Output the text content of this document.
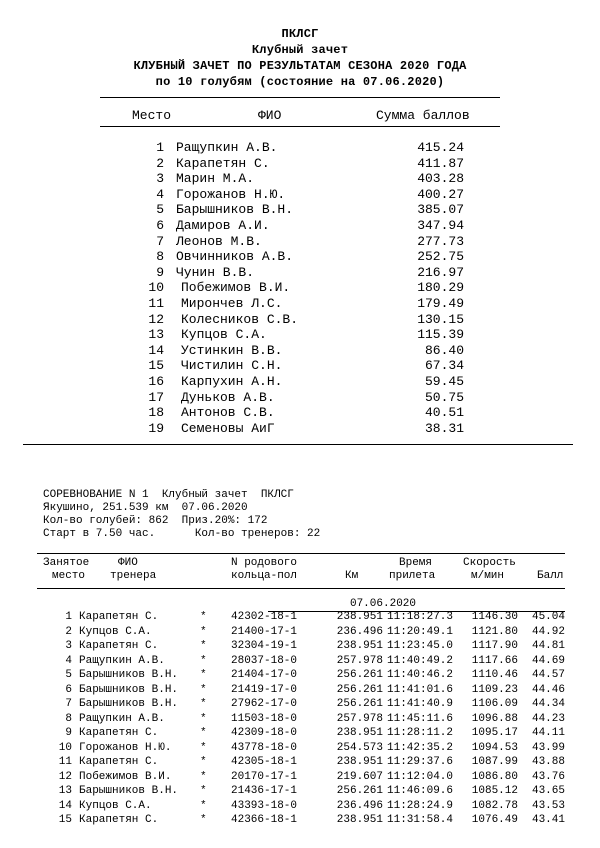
ПКЛСГ
Клубный зачет
КЛУБНЫЙ ЗАЧЕТ ПО РЕЗУЛЬТАТАМ СЕЗОНА 2020 ГОДА
по 10 голубям (состояние на 07.06.2020)
Место	ФИО	Сумма баллов
1 Ращупкин А.В.	415.24
2 Карапетян С.	411.87
3 Марин М.А.	403.28
4 Горожанов Н.Ю.	400.27
5 Барышников В.Н.	385.07
6 Дамиров А.И.	347.94
7 Леонов М.В.	277.73
8 Овчинников А.В.	252.75
9 Чунин В.В.	216.97
10 Побежимов В.И.	180.29
11 Мирончев Л.С.	179.49
12 Колесников С.В.	130.15
13 Купцов С.А.	115.39
14 Устинкин В.В.	86.40
15 Чистилин С.Н.	67.34
16 Карпухин А.Н.	59.45
17 Дуньков А.В.	50.75
18 Антонов С.В.	40.51
19 Семеновы АиГ	38.31
СОРЕВНОВАНИЕ N 1  Клубный зачет  ПКЛСГ
Якушино, 251.539 км  07.06.2020
Кол-во голубей: 862  Приз.20%: 172
Старт в 7.50 час.      Кол-во тренеров: 22
Занятое
место
ФИО
тренера
N родового
кольца-пол	Км
Время
прилета
Скорость
м/мин	Балл
07.06.2020
1 Карапетян С.	* 42302-18-1	238.951 11:18:27.3	1146.30	45.04
2 Купцов С.А.	* 21400-17-1	236.496 11:20:49.1	1121.80	44.92
3 Карапетян С.	* 32304-19-1	238.951 11:23:45.0	1117.90	44.81
4 Ращупкин А.В.	* 28037-18-0	257.978 11:40:49.2	1117.66	44.69
5 Барышников В.Н. * 21404-17-0	256.261 11:40:46.2	1110.46	44.57
6 Барышников В.Н. * 21419-17-0	256.261 11:41:01.6	1109.23	44.46
7 Барышников В.Н. * 27962-17-0	256.261 11:41:40.9	1106.09	44.34
8 Ращупкин А.В.	* 11503-18-0	257.978 11:45:11.6	1096.88	44.23
9 Карапетян С.	* 42309-18-0	238.951 11:28:11.2	1095.17	44.11
10 Горожанов Н.Ю.	* 43778-18-0	254.573 11:42:35.2	1094.53	43.99
11 Карапетян С.	* 42305-18-1	238.951 11:29:37.6	1087.99	43.88
12 Побежимов В.И.	* 20170-17-1	219.607 11:12:04.0	1086.80	43.76
13 Барышников В.Н. * 21436-17-1	256.261 11:46:09.6	1085.12	43.65
14 Купцов С.А.	* 43393-18-0	236.496 11:28:24.9	1082.78	43.53
15 Карапетян С.	* 42366-18-1	238.951 11:31:58.4	1076.49	43.41
